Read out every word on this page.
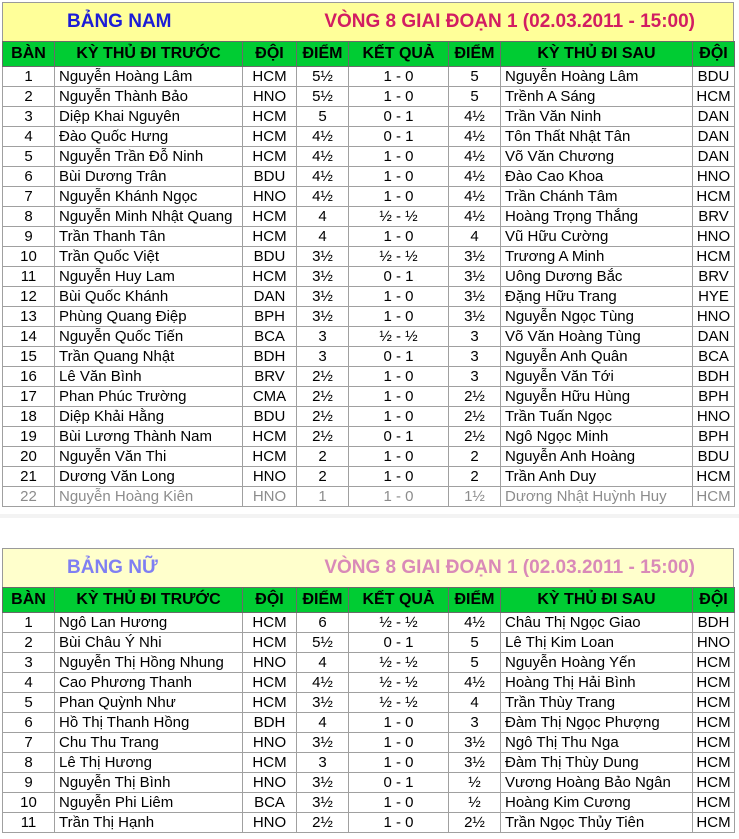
BẢNG NAM	VÒNG 8 GIAI ĐOẠN 1 (02.03.2011 - 15:00)
BÀN	KỲ THỦ ĐI TRƯỚC	ĐỘI	ĐIỂM	KẾT QUẢ	ĐIỂM	KỲ THỦ ĐI SAU	ĐỘI
1	Nguyễn Hoàng Lâm	HCM	5½	1 - 0	5	Nguyễn Hoàng Lâm	BDU
2	Nguyễn Thành Bảo	HNO	5½	1 - 0	5	Trềnh A Sáng	HCM
3	Diệp Khai Nguyên	HCM	5	0 - 1	4½	Trần Văn Ninh	DAN
4	Đào Quốc Hưng	HCM	4½	0 - 1	4½	Tôn Thất Nhật Tân	DAN
5	Nguyễn Trần Đỗ Ninh	HCM	4½	1 - 0	4½	Võ Văn Chương	DAN
6	Bùi Dương Trân	BDU	4½	1 - 0	4½	Đào Cao Khoa	HNO
7	Nguyễn Khánh Ngọc	HNO	4½	1 - 0	4½	Trần Chánh Tâm	HCM
8	Nguyễn Minh Nhật Quang	HCM	4	½ - ½	4½	Hoàng Trọng Thắng	BRV
9	Trần Thanh Tân	HCM	4	1 - 0	4	Vũ Hữu Cường	HNO
10	Trần Quốc Việt	BDU	3½	½ - ½	3½	Trương A Minh	HCM
11	Nguyễn Huy Lam	HCM	3½	0 - 1	3½	Uông Dương Bắc	BRV
12	Bùi Quốc Khánh	DAN	3½	1 - 0	3½	Đặng Hữu Trang	HYE
13	Phùng Quang Điệp	BPH	3½	1 - 0	3½	Nguyễn Ngọc Tùng	HNO
14	Nguyễn Quốc Tiến	BCA	3	½ - ½	3	Võ Văn Hoàng Tùng	DAN
15	Trần Quang Nhật	BDH	3	0 - 1	3	Nguyễn Anh Quân	BCA
16	Lê Văn Bình	BRV	2½	1 - 0	3	Nguyễn Văn Tới	BDH
17	Phan Phúc Trường	CMA	2½	1 - 0	2½	Nguyễn Hữu Hùng	BPH
18	Diệp Khải Hằng	BDU	2½	1 - 0	2½	Trần Tuấn Ngọc	HNO
19	Bùi Lương Thành Nam	HCM	2½	0 - 1	2½	Ngô Ngọc Minh	BPH
20	Nguyễn Văn Thi	HCM	2	1 - 0	2	Nguyễn Anh Hoàng	BDU
21	Dương Văn Long	HNO	2	1 - 0	2	Trần Anh Duy	HCM
22	Nguyễn Hoàng Kiên	HNO	1	1 - 0	1½	Dương Nhật Huỳnh Huy	HCM
BẢNG NỮ	VÒNG 8 GIAI ĐOẠN 1 (02.03.2011 - 15:00)
BÀN	KỲ THỦ ĐI TRƯỚC	ĐỘI	ĐIỂM	KẾT QUẢ	ĐIỂM	KỲ THỦ ĐI SAU	ĐỘI
1	Ngô Lan Hương	HCM	6	½ - ½	4½	Châu Thị Ngọc Giao	BDH
2	Bùi Châu Ý Nhi	HCM	5½	0 - 1	5	Lê Thị Kim Loan	HNO
3	Nguyễn Thị Hồng Nhung	HNO	4	½ - ½	5	Nguyễn Hoàng Yến	HCM
4	Cao Phương Thanh	HCM	4½	½ - ½	4½	Hoàng Thị Hải Bình	HCM
5	Phan Quỳnh Như	HCM	3½	½ - ½	4	Trần Thùy Trang	HCM
6	Hồ Thị Thanh Hồng	BDH	4	1 - 0	3	Đàm Thị Ngọc Phượng	HCM
7	Chu Thu Trang	HNO	3½	1 - 0	3½	Ngô Thị Thu Nga	HCM
8	Lê Thị Hương	HCM	3	1 - 0	3½	Đàm Thị Thùy Dung	HCM
9	Nguyễn Thị Bình	HNO	3½	0 - 1	½	Vương Hoàng Bảo Ngân	HCM
10	Nguyễn Phi Liêm	BCA	3½	1 - 0	½	Hoàng Kim Cương	HCM
11	Trần Thị Hạnh	HNO	2½	1 - 0	2½	Trần Ngọc Thủy Tiên	HCM
